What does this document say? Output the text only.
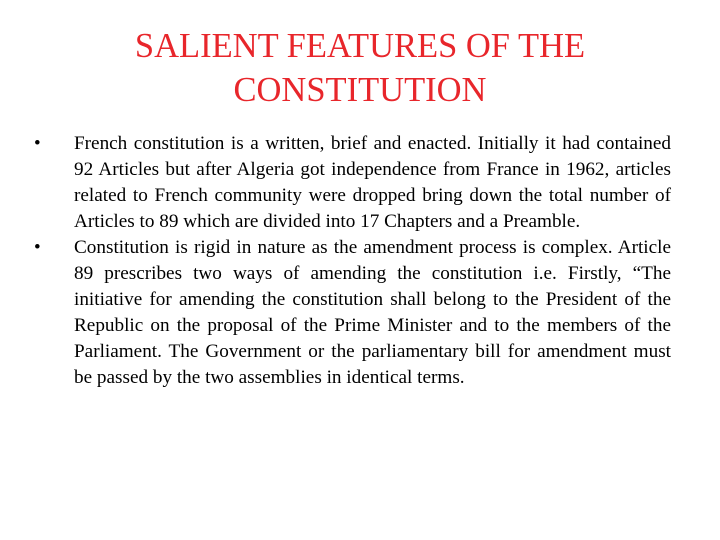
SALIENT FEATURES OF THE
CONSTITUTION
•	French constitution is a written, brief and enacted. Initially it had contained 92 Articles but after Algeria got independence from France in 1962, articles related to French community were dropped bring down the total number of Articles to 89 which are divided into 17 Chapters and a Preamble.
•	Constitution is rigid in nature as the amendment process is complex. Article 89 prescribes two ways of amending the constitution i.e. Firstly, “The initiative for amending the constitution shall belong to the President of the Republic on the proposal of the Prime Minister and to the members of the Parliament. The Government or the parliamentary bill for amendment must be passed by the two assemblies in identical terms.
